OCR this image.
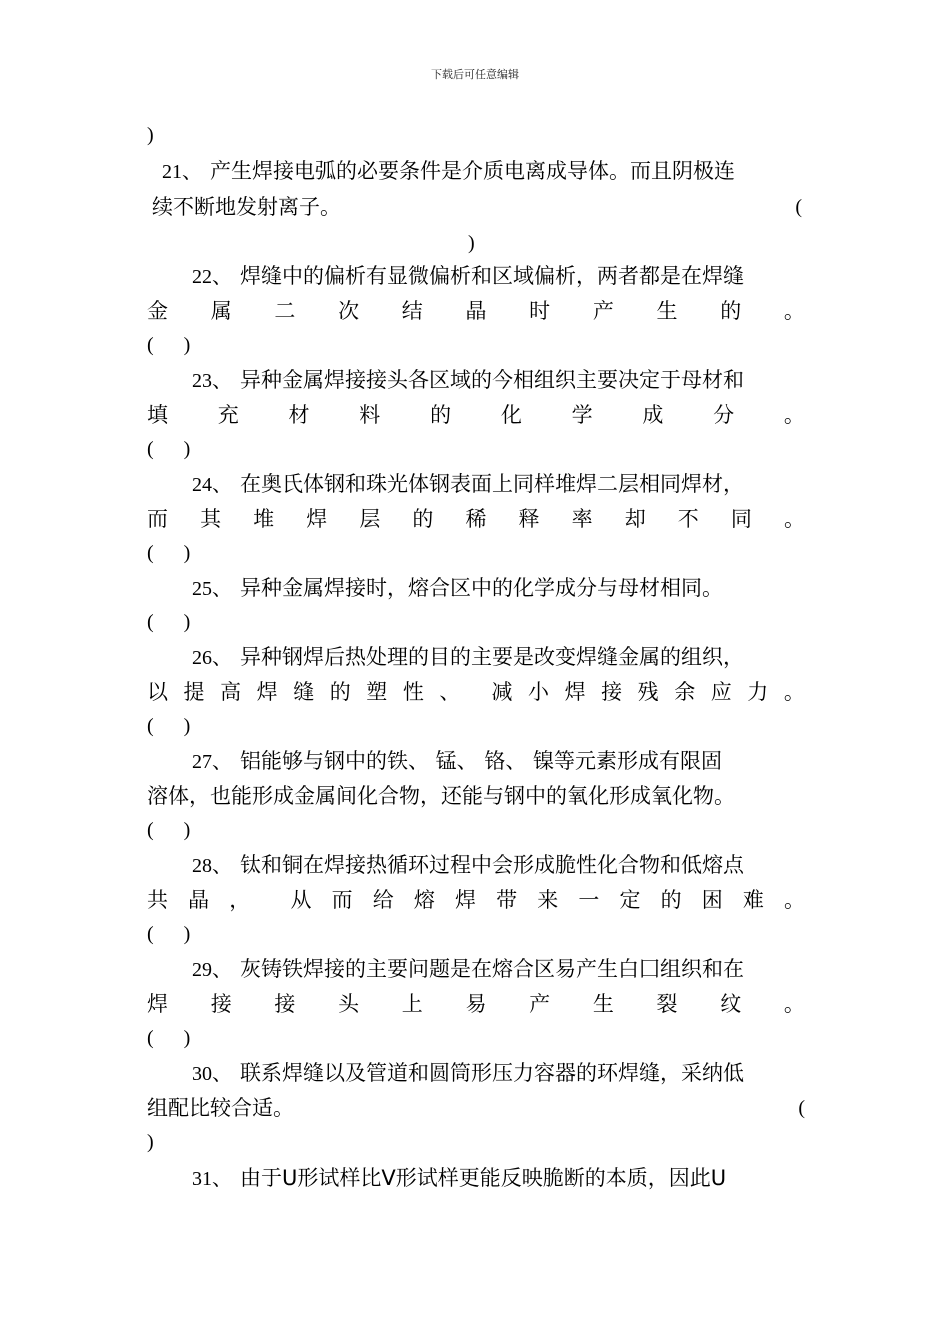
下载后可任意编辑
)
21、 产生焊接电弧的必要条件是介质电离成导体。而且阴极连
续不断地发射离子。	(
)
22、 焊缝中的偏析有显微偏析和区域偏析，两者都是在焊缝
金 属 二 次 结 晶 时 产 生 的 。
(      )
23、 异种金属焊接接头各区域的今相组织主要决定于母材和
填 充 材 料 的 化 学 成 分 。
(      )
24、 在奥氏体钢和珠光体钢表面上同样堆焊二层相同焊材，
而 其 堆 焊 层 的 稀 释 率 却 不 同 。
(      )
25、 异种金属焊接时，熔合区中的化学成分与母材相同。
(      )
26、 异种钢焊后热处理的目的主要是改变焊缝金属的组织，
以 提 高 焊 缝 的 塑 性 、 减 小 焊 接 残 余 应 力 。
(      )
27、 铝能够与钢中的铁、 锰、 铬、 镍等元素形成有限固
溶体，也能形成金属间化合物，还能与钢中的氧化形成氧化物。
(      )
28、 钛和铜在焊接热循环过程中会形成脆性化合物和低熔点
共 晶 ， 从 而 给 熔 焊 带 来 一 定 的 困 难 。
(      )
29、 灰铸铁焊接的主要问题是在熔合区易产生白囗组织和在
焊 接 接 头 上 易 产 生 裂 纹 。
(      )
30、 联系焊缝以及管道和圆筒形压力容器的环焊缝，采纳低
组配比较合适。	(
)
31、 由于U形试样比V形试样更能反映脆断的本质，因此U
